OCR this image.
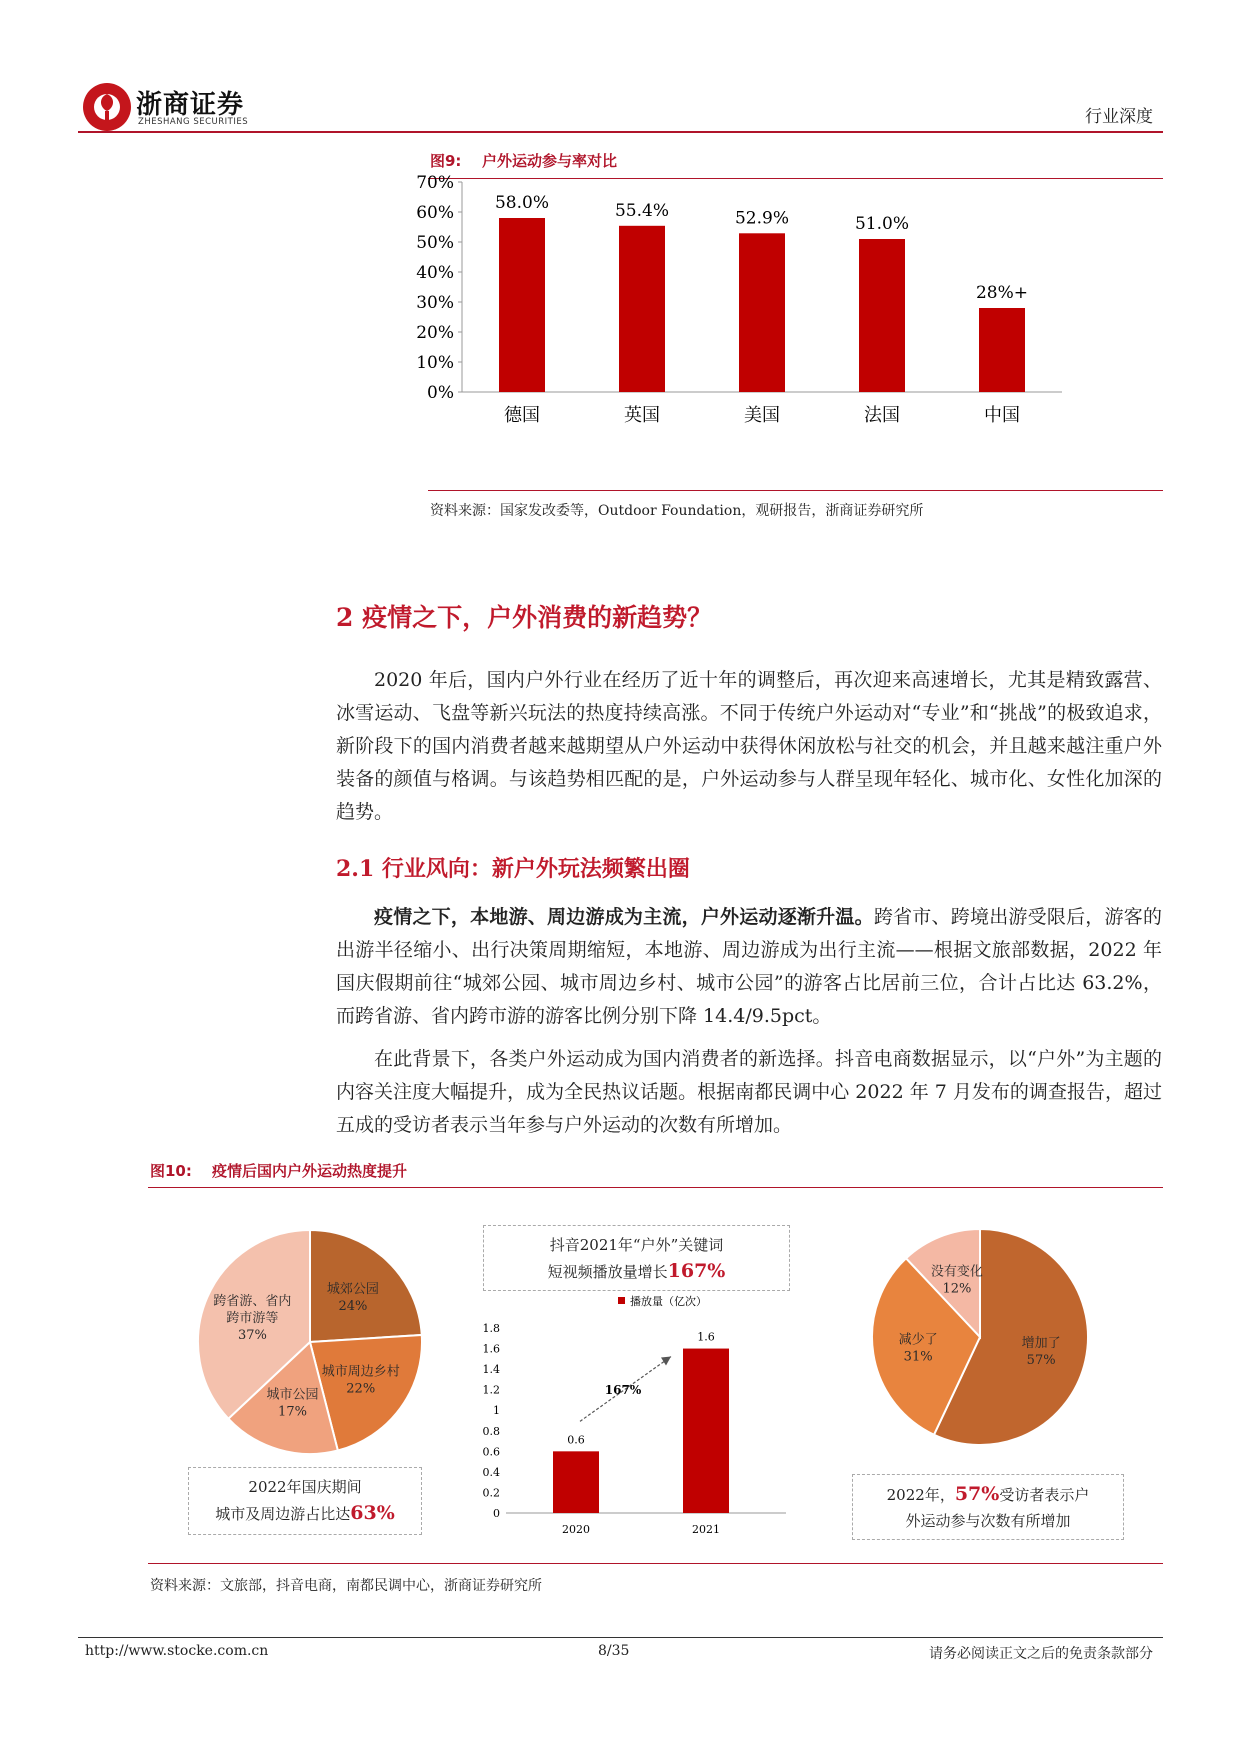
浙商证券
ZHESHANG SECURITIES	行业深度
图9: 户外运动参与率对比
70%
60%
50%
40%
30%
20%
10%
0%
58.0%
德国
55.4%
英国
52.9%
美国
51.0%
法国
28%+
中国
资料来源：国家发改委等，Outdoor Foundation，观研报告，浙商证券研究所
2 疫情之下，户外消费的新趋势？
2020 年后，国内户外行业在经历了近十年的调整后，再次迎来高速增长，尤其是精致露营、冰雪运动、飞盘等新兴玩法的热度持续高涨。不同于传统户外运动对“专业”和“挑战”的极致追求，新阶段下的国内消费者越来越期望从户外运动中获得休闲放松与社交的机会，并且越来越注重户外装备的颜值与格调。与该趋势相匹配的是，户外运动参与人群呈现年轻化、城市化、女性化加深的趋势。
2.1 行业风向：新户外玩法频繁出圈
疫情之下，本地游、周边游成为主流，户外运动逐渐升温。跨省市、跨境出游受限后，游客的出游半径缩小、出行决策周期缩短，本地游、周边游成为出行主流——根据文旅部数据，2022 年国庆假期前往“城郊公园、城市周边乡村、城市公园”的游客占比居前三位，合计占比达 63.2%，而跨省游、省内跨市游的游客比例分别下降 14.4/9.5pct。
在此背景下，各类户外运动成为国内消费者的新选择。抖音电商数据显示，以“户外”为主题的内容关注度大幅提升，成为全民热议话题。根据南都民调中心 2022 年 7 月发布的调查报告，超过五成的受访者表示当年参与户外运动的次数有所增加。
图10: 疫情后国内户外运动热度提升
城郊公园
24%
城市周边乡村
22%
城市公园
17%
跨省游、省内
跨市游等
37%
2022年国庆期间
城市及周边游占比达63%
抖音2021年“户外”关键词
短视频播放量增长167%
播放量（亿次）
1.8
1.6
1.4
1.2
1
0.8
0.6
0.4
0.2
0
0.6
2020
1.6
2021
167%
增加了
57%
减少了
31%
没有变化
12%
2022年，57%受访者表示户
外运动参与次数有所增加
资料来源：文旅部，抖音电商，南都民调中心，浙商证券研究所
http://www.stocke.com.cn	8/35	请务必阅读正文之后的免责条款部分
